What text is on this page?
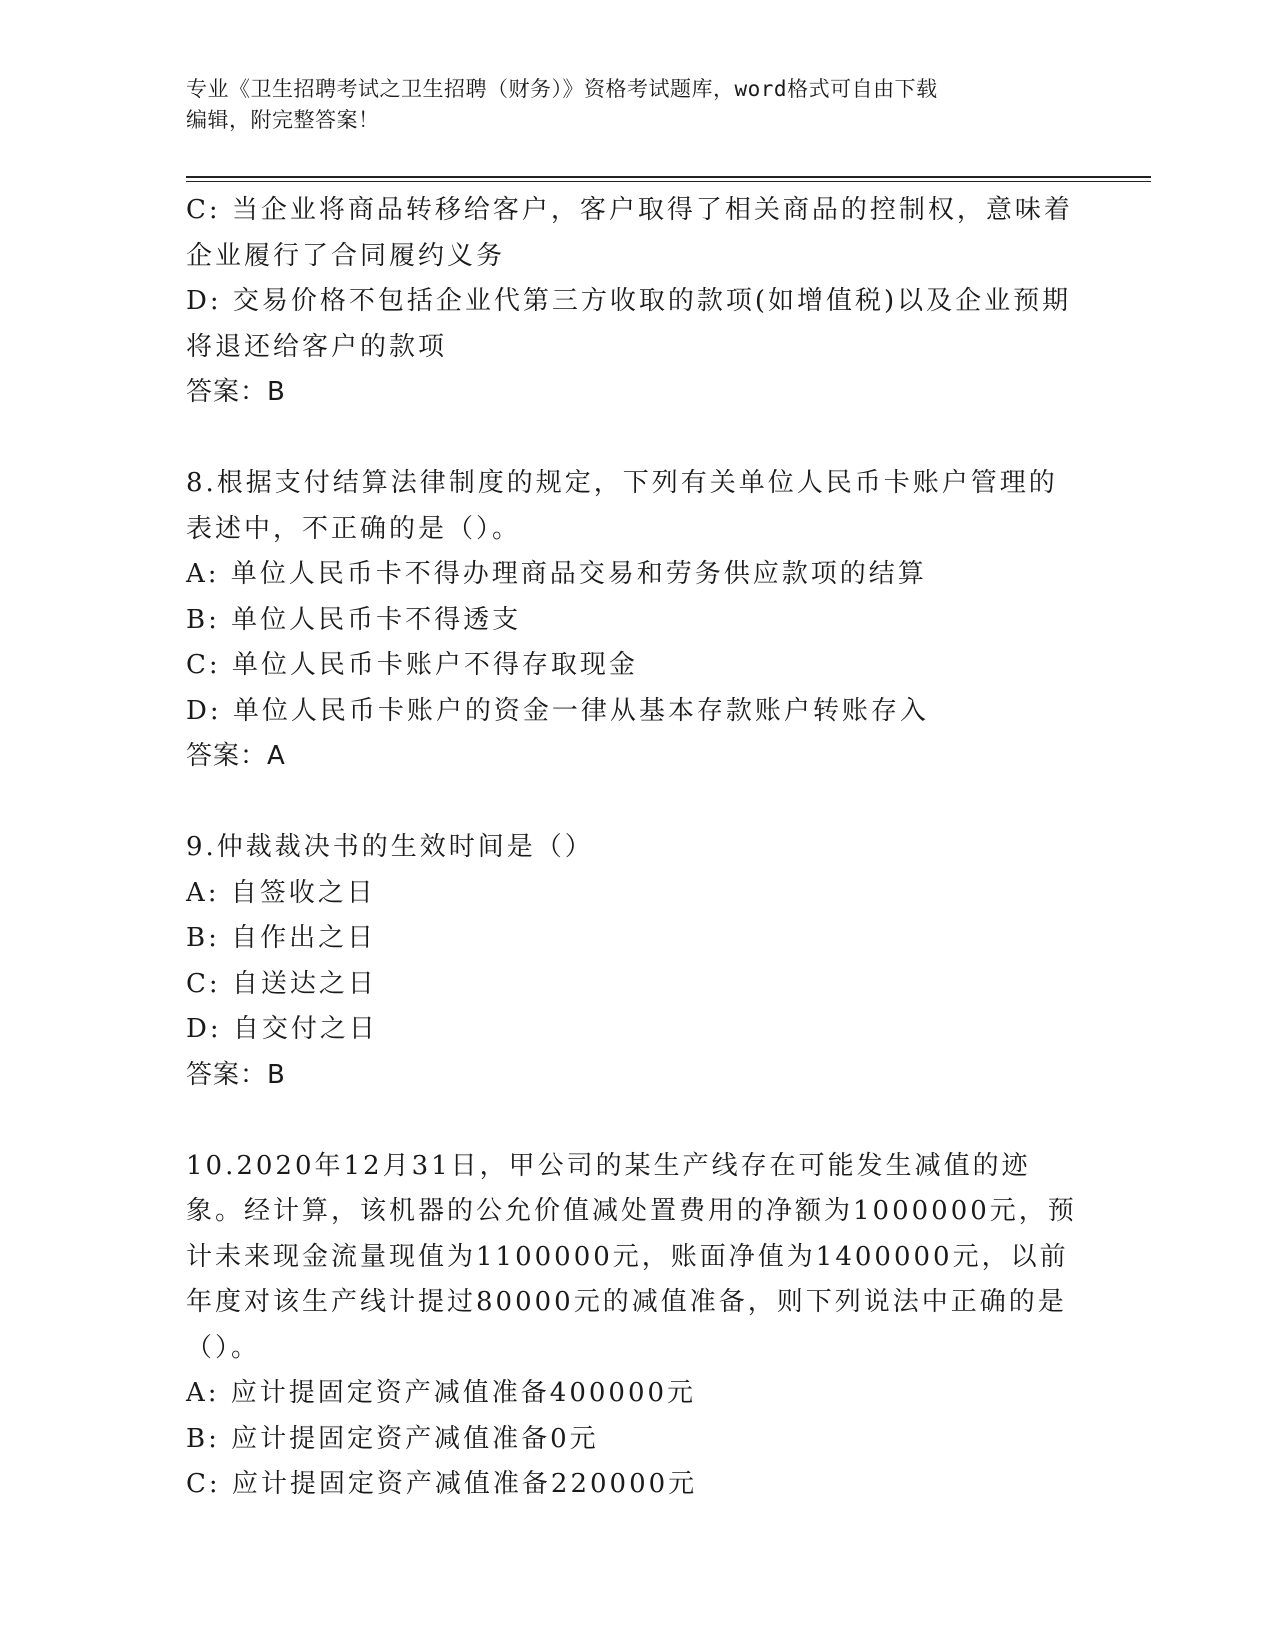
专业《卫生招聘考试之卫生招聘（财务）》资格考试题库，word格式可自由下载
编辑，附完整答案！

C: 当企业将商品转移给客户，客户取得了相关商品的控制权，意味着企业履行了合同履约义务

D: 交易价格不包括企业代第三方收取的款项(如增值税)以及企业预期将退还给客户的款项

答案：B

8.根据支付结算法律制度的规定，下列有关单位人民币卡账户管理的表述中，不正确的是（）。

A: 单位人民币卡不得办理商品交易和劳务供应款项的结算

B: 单位人民币卡不得透支

C: 单位人民币卡账户不得存取现金

D: 单位人民币卡账户的资金一律从基本存款账户转账存入

答案：A

9.仲裁裁决书的生效时间是（）

A: 自签收之日

B: 自作出之日

C: 自送达之日

D: 自交付之日

答案：B

10.2020年12月31日，甲公司的某生产线存在可能发生减值的迹象。经计算，该机器的公允价值减处置费用的净额为1000000元，预计未来现金流量现值为1100000元，账面净值为1400000元，以前年度对该生产线计提过80000元的减值准备，则下列说法中正确的是（）。

A: 应计提固定资产减值准备400000元

B: 应计提固定资产减值准备0元

C: 应计提固定资产减值准备220000元
